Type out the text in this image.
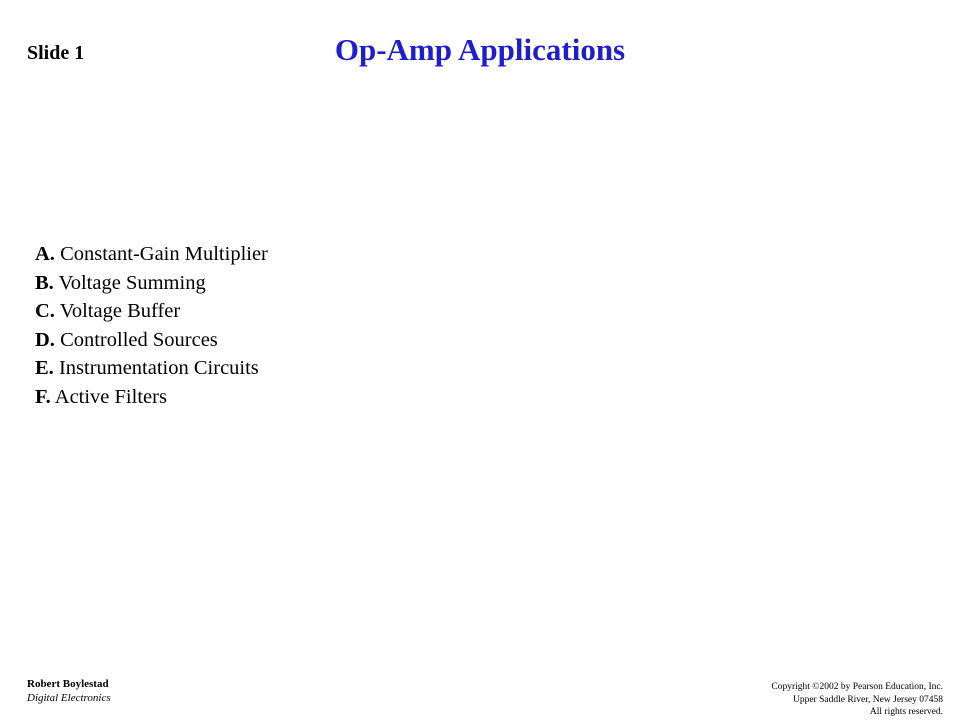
Slide 1	Op-Amp Applications
A. Constant-Gain Multiplier
B. Voltage Summing
C. Voltage Buffer
D. Controlled Sources
E. Instrumentation Circuits
F. Active Filters
Robert Boylestad
Digital Electronics
Copyright ©2002 by Pearson Education, Inc.
Upper Saddle River, New Jersey 07458
All rights reserved.
